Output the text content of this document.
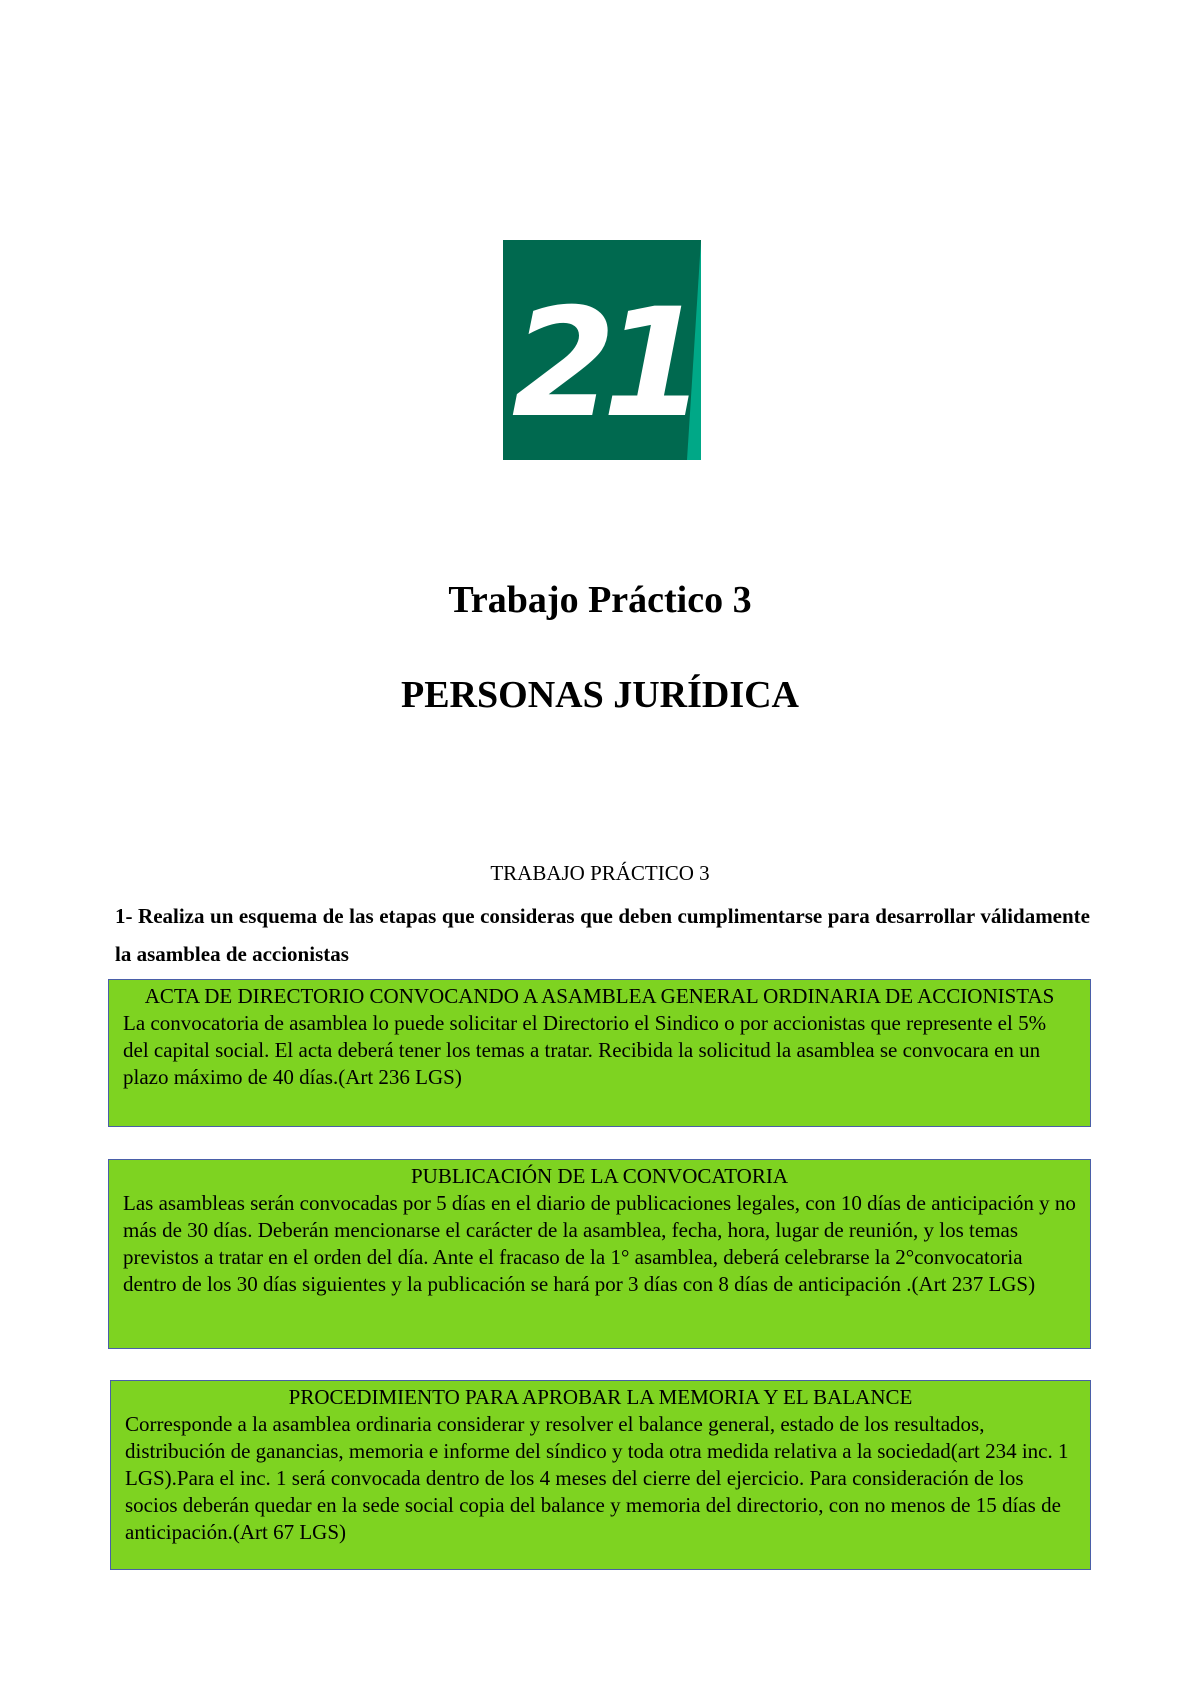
21
Trabajo Práctico 3
PERSONAS JURÍDICA
TRABAJO PRÁCTICO 3
1- Realiza un esquema de las etapas que consideras que deben cumplimentarse para desarrollar válidamente la asamblea de accionistas
ACTA DE DIRECTORIO CONVOCANDO A ASAMBLEA GENERAL ORDINARIA DE ACCIONISTAS
La convocatoria de asamblea lo puede solicitar el Directorio el Sindico o por accionistas que represente el 5% del capital social. El acta deberá tener los temas a tratar. Recibida la solicitud la asamblea se convocara en un plazo máximo de 40 días.(Art 236 LGS)
PUBLICACIÓN DE LA CONVOCATORIA
Las asambleas serán convocadas por 5 días en el diario de publicaciones legales, con 10 días de anticipación y no más de 30 días. Deberán mencionarse el carácter de la asamblea, fecha, hora, lugar de reunión, y los temas previstos a tratar en el orden del día. Ante el fracaso de la 1° asamblea, deberá celebrarse la 2°convocatoria dentro de los 30 días siguientes y la publicación se hará por 3 días con 8 días de anticipación .(Art 237 LGS)
PROCEDIMIENTO PARA APROBAR LA MEMORIA Y EL BALANCE
Corresponde a la asamblea ordinaria considerar y resolver el balance general, estado de los resultados, distribución de ganancias, memoria e informe del síndico y toda otra medida relativa a la sociedad(art 234 inc. 1 LGS).Para el inc. 1 será convocada dentro de los 4 meses del cierre del ejercicio. Para consideración de los socios deberán quedar en la sede social copia del balance y memoria del directorio, con no menos de 15 días de anticipación.(Art 67 LGS)
